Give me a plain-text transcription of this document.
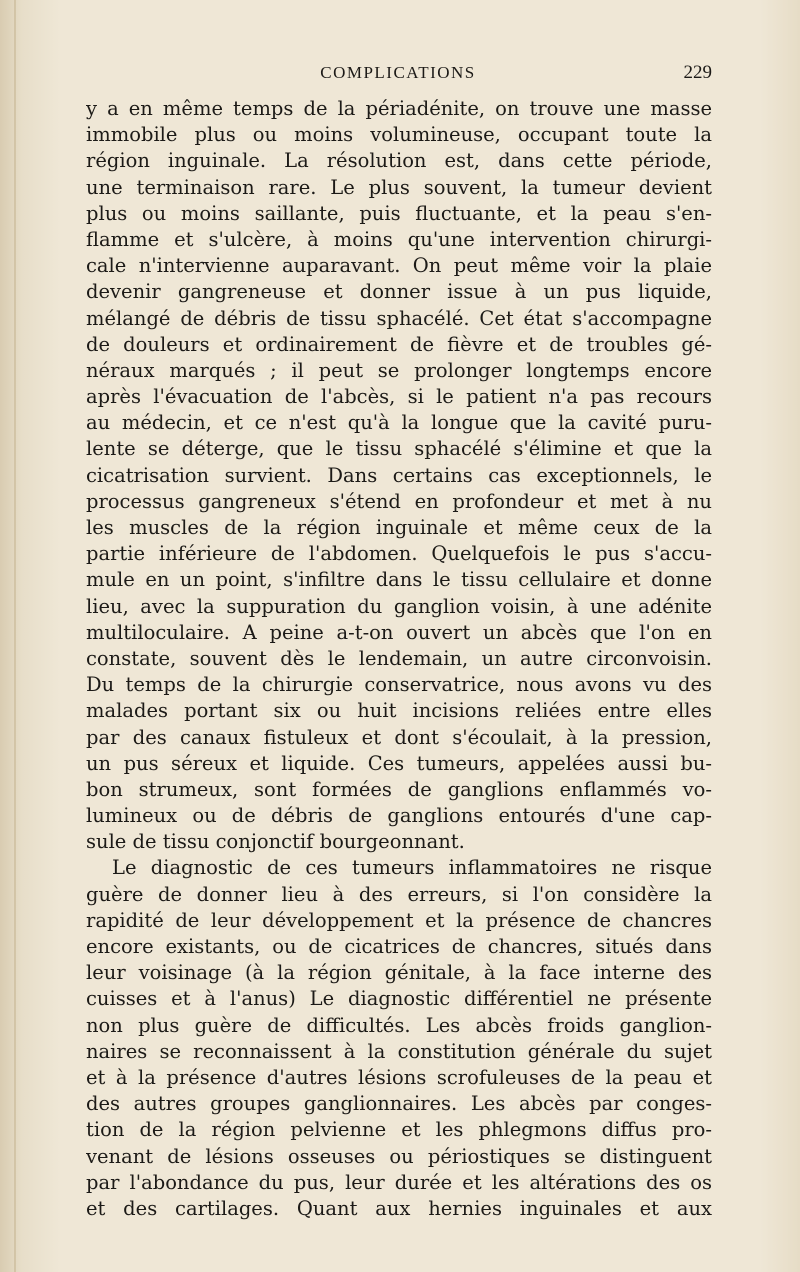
COMPLICATIONS	229
y a en même temps de la périadénite, on trouve une masse
immobile plus ou moins volumineuse, occupant toute la
région inguinale. La résolution est, dans cette période,
une terminaison rare. Le plus souvent, la tumeur devient
plus ou moins saillante, puis fluctuante, et la peau s'en-
flamme et s'ulcère, à moins qu'une intervention chirurgi-
cale n'intervienne auparavant. On peut même voir la plaie
devenir gangreneuse et donner issue à un pus liquide,
mélangé de débris de tissu sphacélé. Cet état s'accompagne
de douleurs et ordinairement de fièvre et de troubles gé-
néraux marqués ; il peut se prolonger longtemps encore
après l'évacuation de l'abcès, si le patient n'a pas recours
au médecin, et ce n'est qu'à la longue que la cavité puru-
lente se déterge, que le tissu sphacélé s'élimine et que la
cicatrisation survient. Dans certains cas exceptionnels, le
processus gangreneux s'étend en profondeur et met à nu
les muscles de la région inguinale et même ceux de la
partie inférieure de l'abdomen. Quelquefois le pus s'accu-
mule en un point, s'infiltre dans le tissu cellulaire et donne
lieu, avec la suppuration du ganglion voisin, à une adénite
multiloculaire. A peine a-t-on ouvert un abcès que l'on en
constate, souvent dès le lendemain, un autre circonvoisin.
Du temps de la chirurgie conservatrice, nous avons vu des
malades portant six ou huit incisions reliées entre elles
par des canaux fistuleux et dont s'écoulait, à la pression,
un pus séreux et liquide. Ces tumeurs, appelées aussi bu-
bon strumeux, sont formées de ganglions enflammés vo-
lumineux ou de débris de ganglions entourés d'une cap-
sule de tissu conjonctif bourgeonnant.
Le diagnostic de ces tumeurs inflammatoires ne risque
guère de donner lieu à des erreurs, si l'on considère la
rapidité de leur développement et la présence de chancres
encore existants, ou de cicatrices de chancres, situés dans
leur voisinage (à la région génitale, à la face interne des
cuisses et à l'anus) Le diagnostic différentiel ne présente
non plus guère de difficultés. Les abcès froids ganglion-
naires se reconnaissent à la constitution générale du sujet
et à la présence d'autres lésions scrofuleuses de la peau et
des autres groupes ganglionnaires. Les abcès par conges-
tion de la région pelvienne et les phlegmons diffus pro-
venant de lésions osseuses ou périostiques se distinguent
par l'abondance du pus, leur durée et les altérations des os
et des cartilages. Quant aux hernies inguinales et aux
